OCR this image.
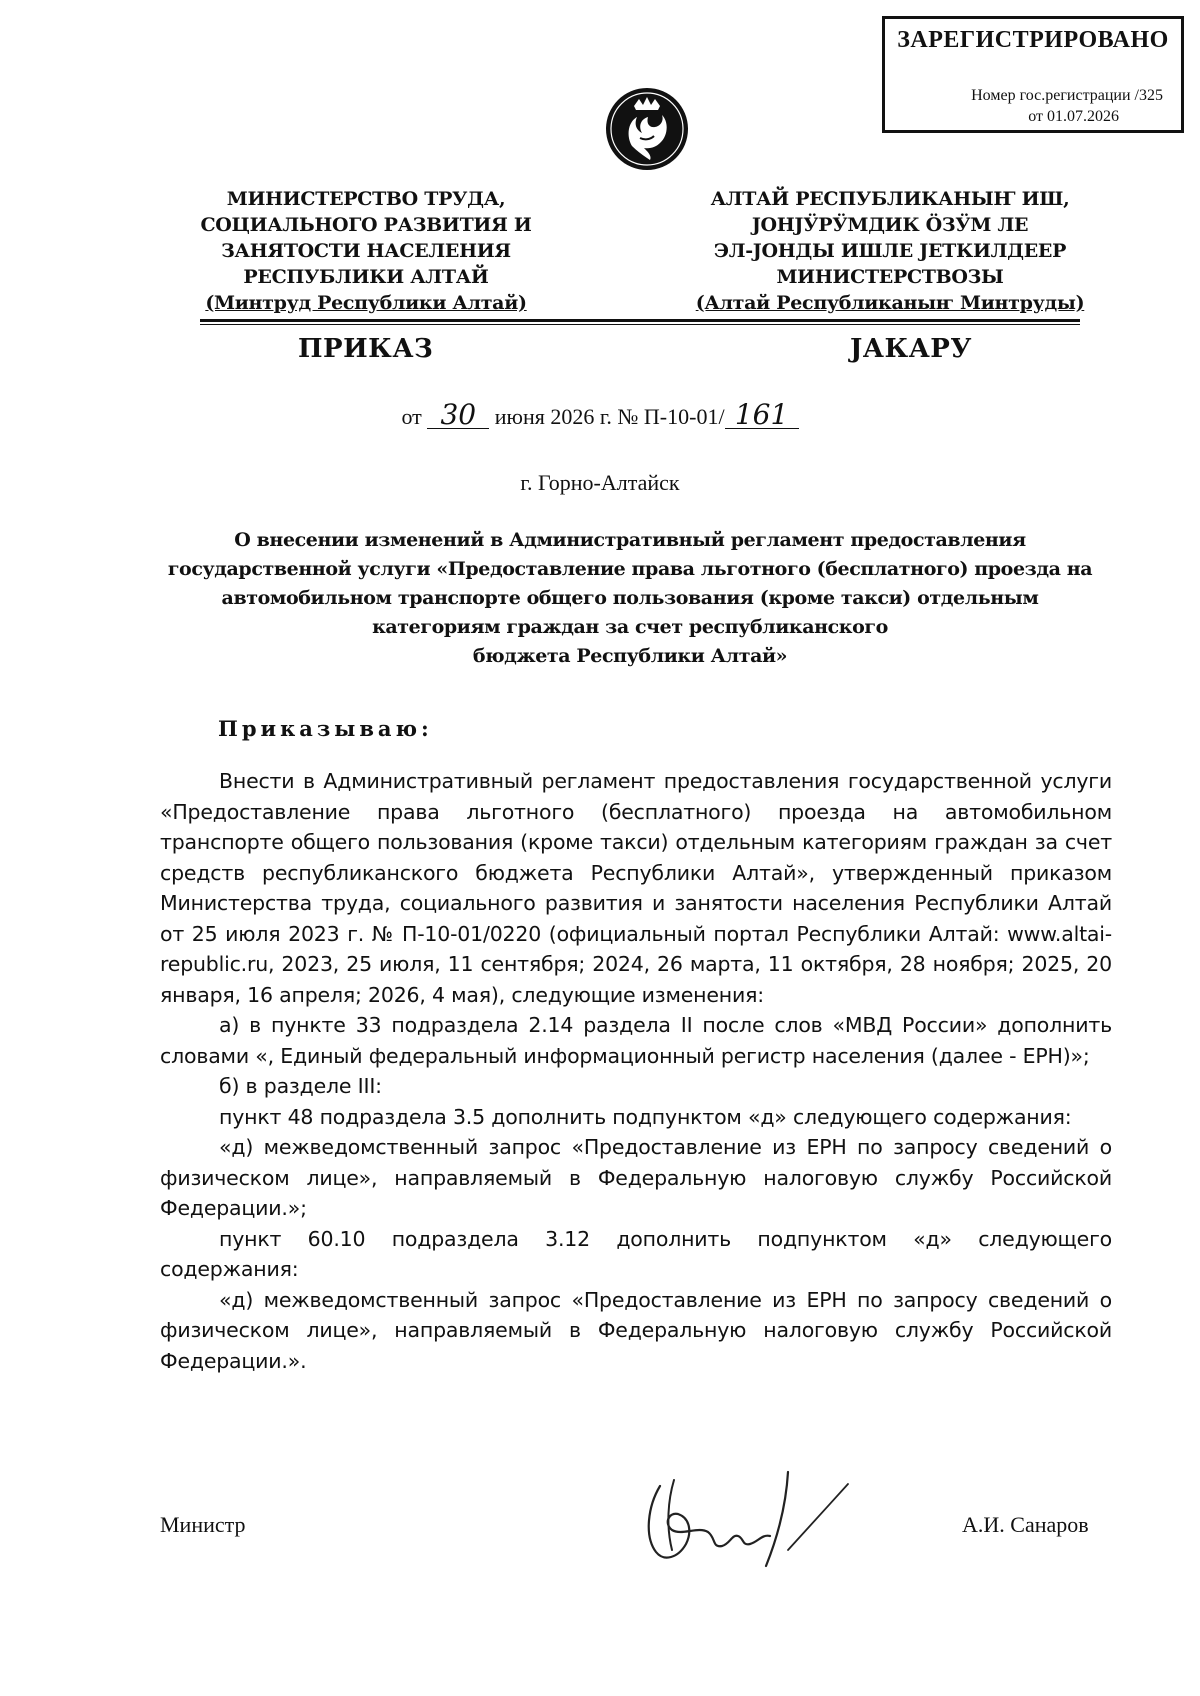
ЗАРЕГИСТРИРОВАНО
Номер гос.регистрации /325
от 01.07.2026
МИНИСТЕРСТВО ТРУДА,
СОЦИАЛЬНОГО РАЗВИТИЯ И
ЗАНЯТОСТИ НАСЕЛЕНИЯ
РЕСПУБЛИКИ АЛТАЙ
(Минтруд Республики Алтай)
АЛТАЙ РЕСПУБЛИКАНЫҤ ИШ,
ЈОНЈӰРӰМДИК ӦЗӰМ ЛЕ
ЭЛ-ЈОНДЫ ИШЛЕ ЈЕТКИЛДЕЕР
МИНИСТЕРСТВОЗЫ
(Алтай Республиканыҥ Минтруды)
ПРИКАЗ	ЈАКАРУ
от 30 июня 2026 г. № П-10-01/ 161
г. Горно-Алтайск
О внесении изменений в Административный регламент предоставления
государственной услуги «Предоставление права льготного (бесплатного) проезда на
автомобильном транспорте общего пользования (кроме такси) отдельным
категориям граждан за счет республиканского
бюджета Республики Алтай»
Приказываю:

Внести в Административный регламент предоставления государственной услуги «Предоставление права льготного (бесплатного) проезда на автомобильном транспорте общего пользования (кроме такси) отдельным категориям граждан за счет средств республиканского бюджета Республики Алтай», утвержденный приказом Министерства труда, социального развития и занятости населения Республики Алтай от 25 июля 2023 г. № П-10-01/0220 (официальный портал Республики Алтай: www.altai-republic.ru, 2023, 25 июля, 11 сентября; 2024, 26 марта, 11 октября, 28 ноября; 2025, 20 января, 16 апреля; 2026, 4 мая), следующие изменения:

а) в пункте 33 подраздела 2.14 раздела II после слов «МВД России» дополнить словами «, Единый федеральный информационный регистр населения (далее - ЕРН)»;

б) в разделе III:

пункт 48 подраздела 3.5 дополнить подпунктом «д» следующего содержания:

«д) межведомственный запрос «Предоставление из ЕРН по запросу сведений о физическом лице», направляемый в Федеральную налоговую службу Российской Федерации.»;

пункт 60.10 подраздела 3.12 дополнить подпунктом «д» следующего содержания:

«д) межведомственный запрос «Предоставление из ЕРН по запросу сведений о физическом лице», направляемый в Федеральную налоговую службу Российской Федерации.».

Министр	А.И. Санаров
